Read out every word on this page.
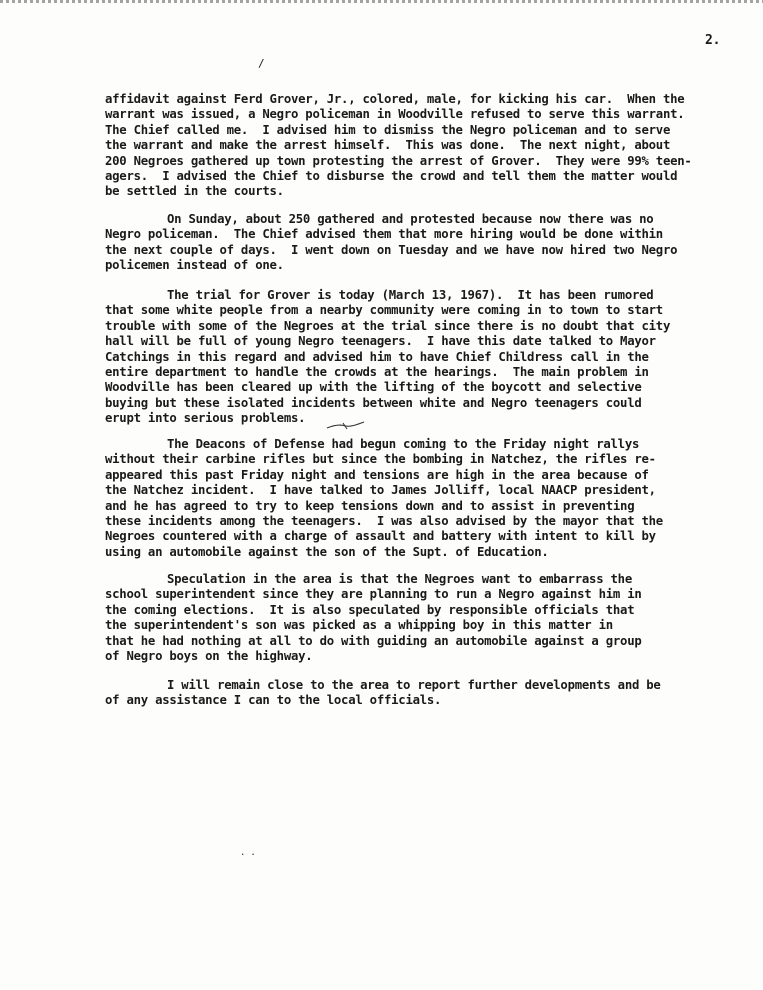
2.
/
affidavit against Ferd Grover, Jr., colored, male, for kicking his car.  When the
warrant was issued, a Negro policeman in Woodville refused to serve this warrant.
The Chief called me.  I advised him to dismiss the Negro policeman and to serve
the warrant and make the arrest himself.  This was done.  The next night, about
200 Negroes gathered up town protesting the arrest of Grover.  They were 99% teen-
agers.  I advised the Chief to disburse the crowd and tell them the matter would
be settled in the courts.
On Sunday, about 250 gathered and protested because now there was no
Negro policeman.  The Chief advised them that more hiring would be done within
the next couple of days.  I went down on Tuesday and we have now hired two Negro
policemen instead of one.
The trial for Grover is today (March 13, 1967).  It has been rumored
that some white people from a nearby community were coming in to town to start
trouble with some of the Negroes at the trial since there is no doubt that city
hall will be full of young Negro teenagers.  I have this date talked to Mayor
Catchings in this regard and advised him to have Chief Childress call in the
entire department to handle the crowds at the hearings.  The main problem in
Woodville has been cleared up with the lifting of the boycott and selective
buying but these isolated incidents between white and Negro teenagers could
erupt into serious problems.
The Deacons of Defense had begun coming to the Friday night rallys
without their carbine rifles but since the bombing in Natchez, the rifles re-
appeared this past Friday night and tensions are high in the area because of
the Natchez incident.  I have talked to James Jolliff, local NAACP president,
and he has agreed to try to keep tensions down and to assist in preventing
these incidents among the teenagers.  I was also advised by the mayor that the
Negroes countered with a charge of assault and battery with intent to kill by
using an automobile against the son of the Supt. of Education.
Speculation in the area is that the Negroes want to embarrass the
school superintendent since they are planning to run a Negro against him in
the coming elections.  It is also speculated by responsible officials that
the superintendent's son was picked as a whipping boy in this matter in
that he had nothing at all to do with guiding an automobile against a group
of Negro boys on the highway.
I will remain close to the area to report further developments and be
of any assistance I can to the local officials.
. .
